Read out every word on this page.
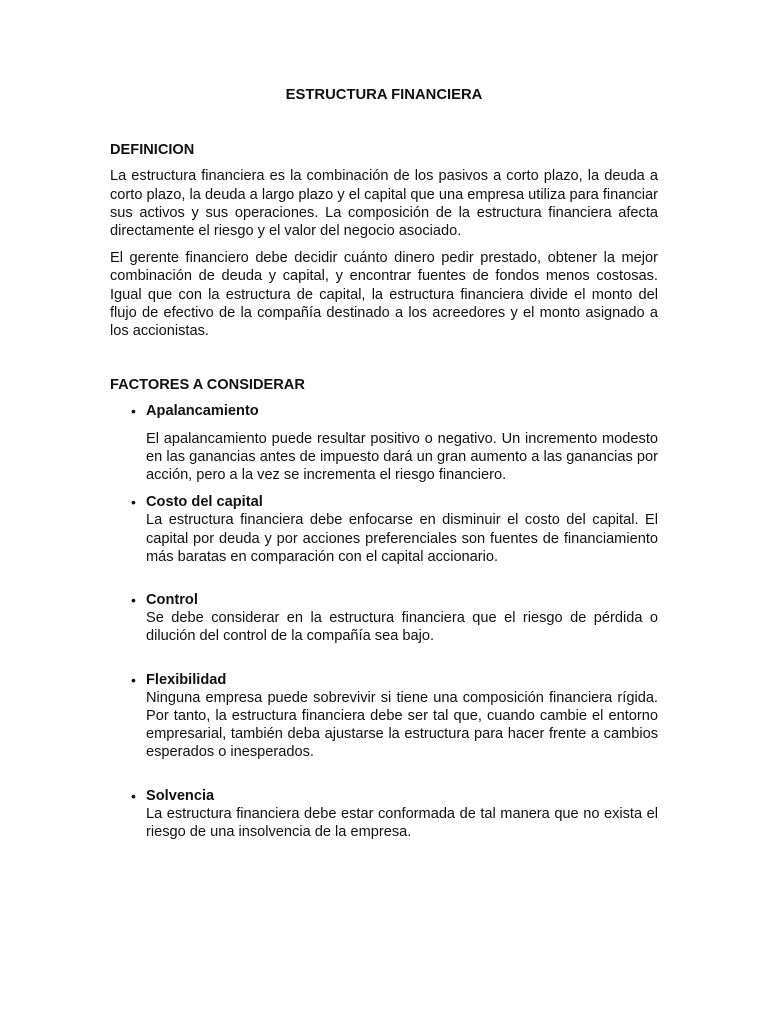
ESTRUCTURA FINANCIERA
DEFINICION

La estructura financiera es la combinación de los pasivos a corto plazo, la deuda a corto plazo, la deuda a largo plazo y el capital que una empresa utiliza para financiar sus activos y sus operaciones. La composición de la estructura financiera afecta directamente el riesgo y el valor del negocio asociado.

El gerente financiero debe decidir cuánto dinero pedir prestado, obtener la mejor combinación de deuda y capital, y encontrar fuentes de fondos menos costosas. Igual que con la estructura de capital, la estructura financiera divide el monto del flujo de efectivo de la compañía destinado a los acreedores y el monto asignado a los accionistas.

FACTORES A CONSIDERAR
• Apalancamiento
El apalancamiento puede resultar positivo o negativo. Un incremento modesto en las ganancias antes de impuesto dará un gran aumento a las ganancias por acción, pero a la vez se incrementa el riesgo financiero.
• Costo del capital
La estructura financiera debe enfocarse en disminuir el costo del capital. El capital por deuda y por acciones preferenciales son fuentes de financiamiento más baratas en comparación con el capital accionario.
• Control
Se debe considerar en la estructura financiera que el riesgo de pérdida o dilución del control de la compañía sea bajo.
• Flexibilidad
Ninguna empresa puede sobrevivir si tiene una composición financiera rígida. Por tanto, la estructura financiera debe ser tal que, cuando cambie el entorno empresarial, también deba ajustarse la estructura para hacer frente a cambios esperados o inesperados.
• Solvencia
La estructura financiera debe estar conformada de tal manera que no exista el riesgo de una insolvencia de la empresa.
